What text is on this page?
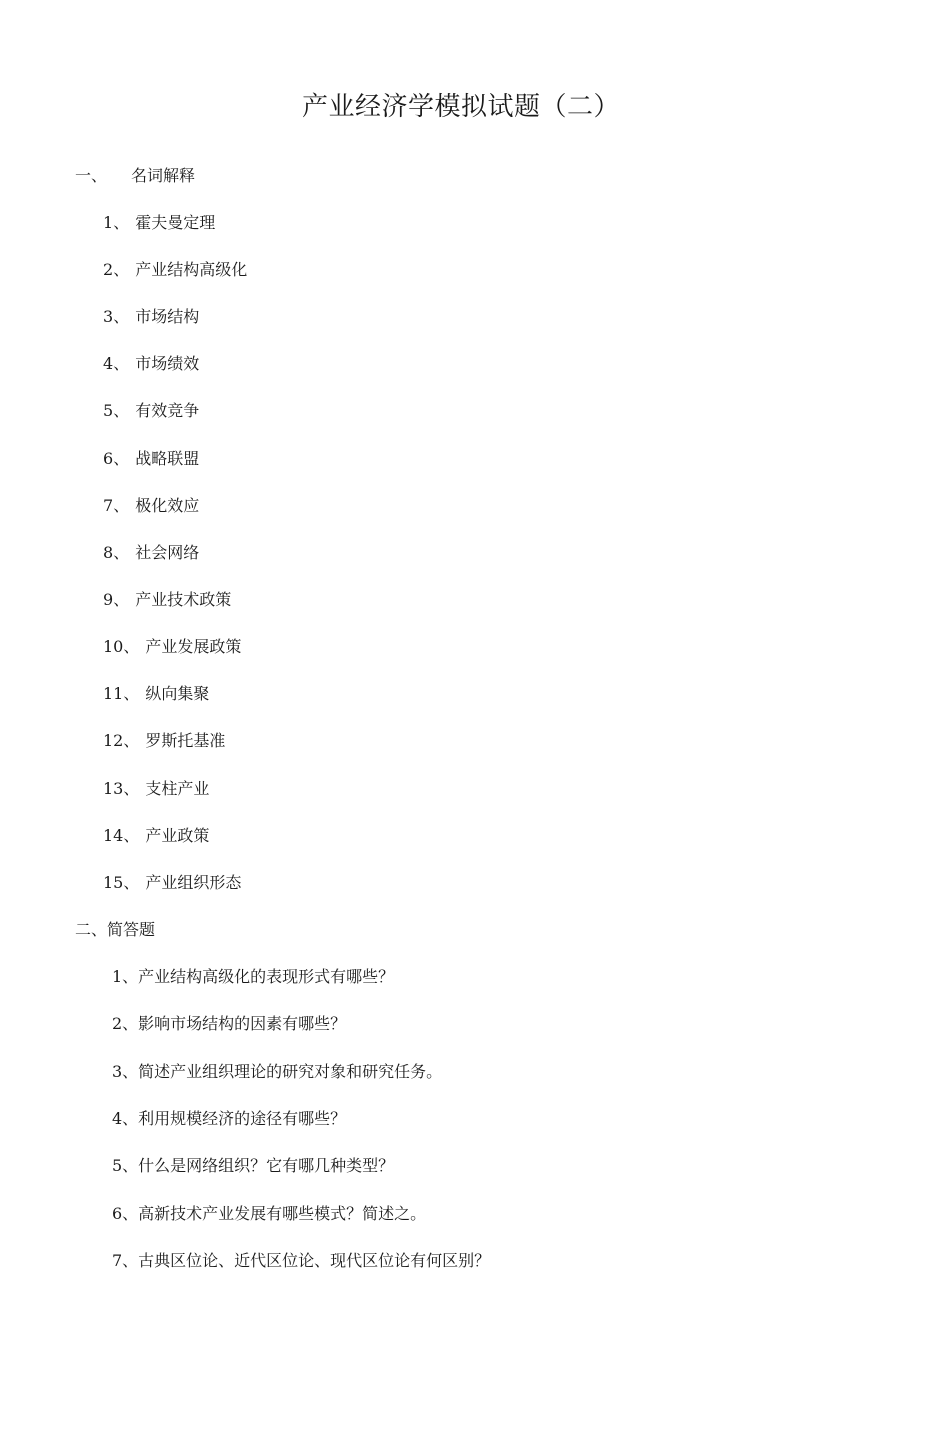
产业经济学模拟试题（二）
一、 名词解释
1、 霍夫曼定理
2、 产业结构高级化
3、 市场结构
4、 市场绩效
5、 有效竞争
6、 战略联盟
7、 极化效应
8、 社会网络
9、 产业技术政策
10、 产业发展政策
11、 纵向集聚
12、 罗斯托基准
13、 支柱产业
14、 产业政策
15、 产业组织形态
二、简答题
1、产业结构高级化的表现形式有哪些？
2、影响市场结构的因素有哪些？
3、简述产业组织理论的研究对象和研究任务。
4、利用规模经济的途径有哪些？
5、什么是网络组织？它有哪几种类型？
6、高新技术产业发展有哪些模式？简述之。
7、古典区位论、近代区位论、现代区位论有何区别？
